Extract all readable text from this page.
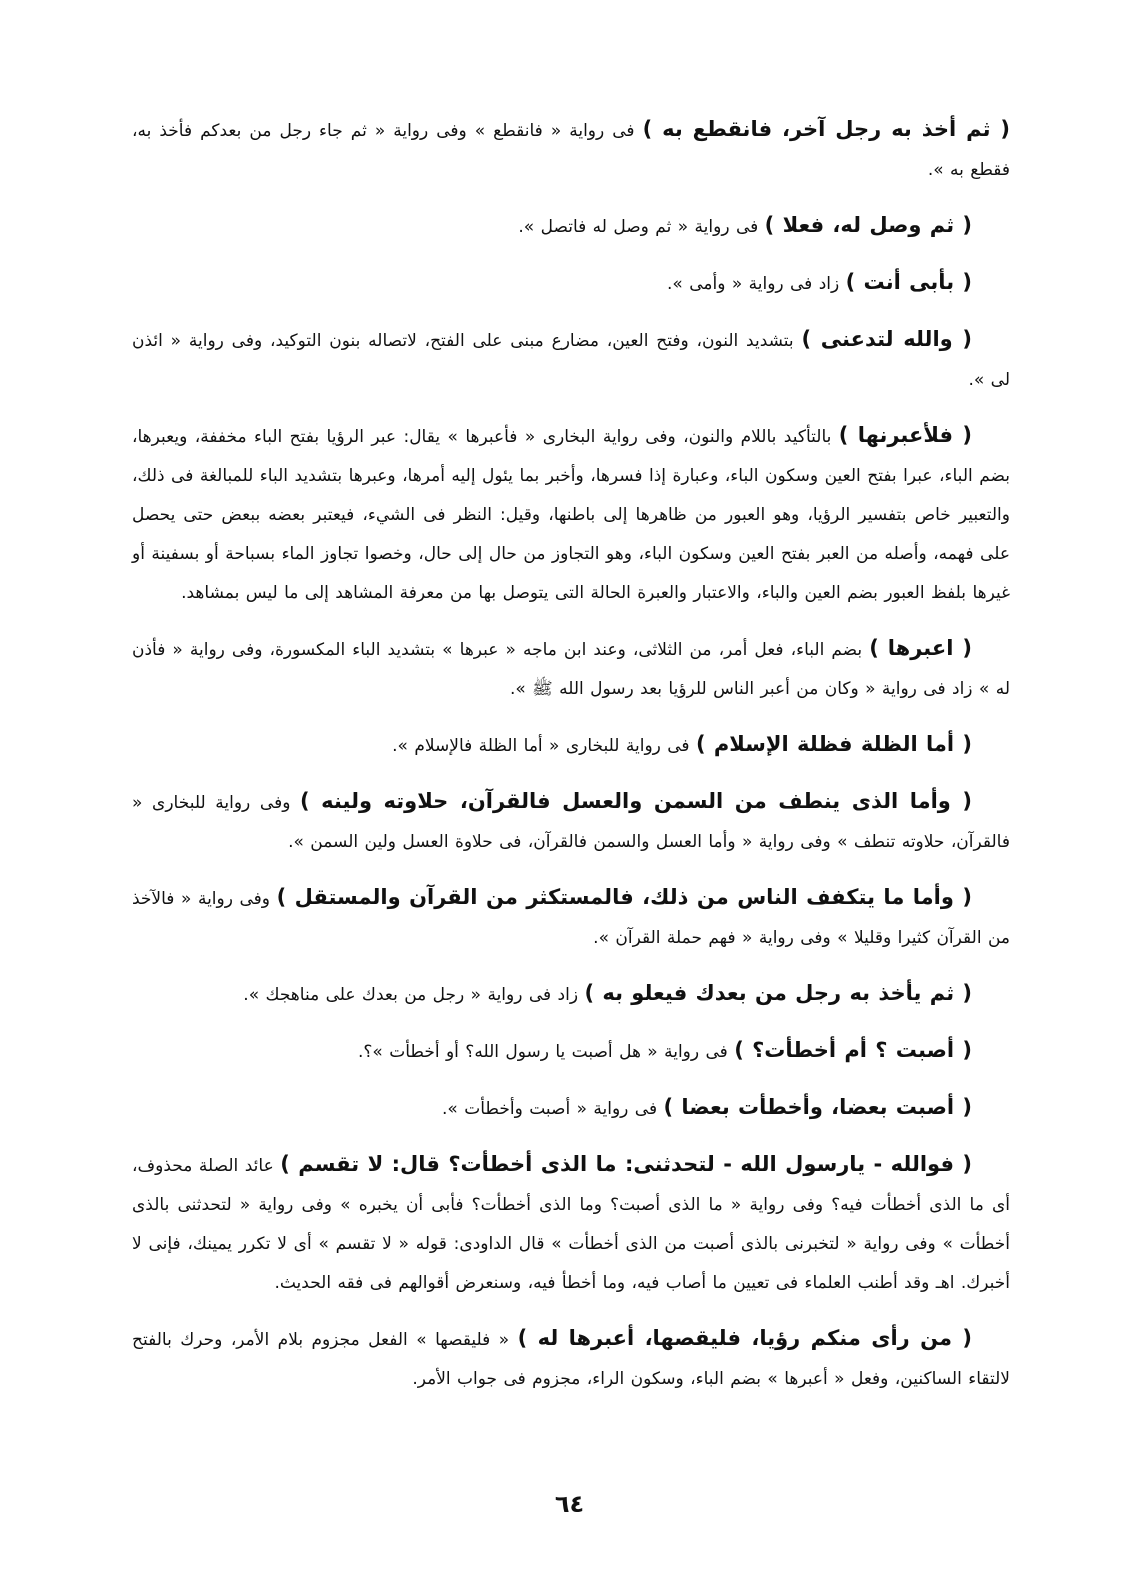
( ثم أخذ به رجل آخر، فانقطع به ) فى رواية « فانقطع » وفى رواية « ثم جاء رجل من بعدكم فأخذ به، فقطع به ».

( ثم وصل له، فعلا ) فى رواية « ثم وصل له فاتصل ».

( بأبى أنت ) زاد فى رواية « وأمى ».

( والله لتدعنى ) بتشديد النون، وفتح العين، مضارع مبنى على الفتح، لاتصاله بنون التوكيد، وفى رواية « ائذن لى ».

( فلأعبرنها ) بالتأكيد باللام والنون، وفى رواية البخارى « فأعبرها » يقال: عبر الرؤيا بفتح الباء مخففة، ويعبرها، بضم الباء، عبرا بفتح العين وسكون الباء، وعبارة إذا فسرها، وأخبر بما يئول إليه أمرها، وعبرها بتشديد الباء للمبالغة فى ذلك، والتعبير خاص بتفسير الرؤيا، وهو العبور من ظاهرها إلى باطنها، وقيل: النظر فى الشيء، فيعتبر بعضه ببعض حتى يحصل على فهمه، وأصله من العبر بفتح العين وسكون الباء، وهو التجاوز من حال إلى حال، وخصوا تجاوز الماء بسباحة أو بسفينة أو غيرها بلفظ العبور بضم العين والباء، والاعتبار والعبرة الحالة التى يتوصل بها من معرفة المشاهد إلى ما ليس بمشاهد.

( اعبرها ) بضم الباء، فعل أمر، من الثلاثى، وعند ابن ماجه « عبرها » بتشديد الباء المكسورة، وفى رواية « فأذن له » زاد فى رواية « وكان من أعبر الناس للرؤيا بعد رسول الله ﷺ ».

( أما الظلة فظلة الإسلام ) فى رواية للبخارى « أما الظلة فالإسلام ».

( وأما الذى ينطف من السمن والعسل فالقرآن، حلاوته ولينه ) وفى رواية للبخارى « فالقرآن، حلاوته تنطف » وفى رواية « وأما العسل والسمن فالقرآن، فى حلاوة العسل ولين السمن ».

( وأما ما يتكفف الناس من ذلك، فالمستكثر من القرآن والمستقل ) وفى رواية « فالآخذ من القرآن كثيرا وقليلا » وفى رواية « فهم حملة القرآن ».

( ثم يأخذ به رجل من بعدك فيعلو به ) زاد فى رواية « رجل من بعدك على مناهجك ».

( أصبت ؟ أم أخطأت؟ ) فى رواية « هل أصبت يا رسول الله؟ أو أخطأت »؟.

( أصبت بعضا، وأخطأت بعضا ) فى رواية « أصبت وأخطأت ».

( فوالله - يارسول الله - لتحدثنى: ما الذى أخطأت؟ قال: لا تقسم ) عائد الصلة محذوف، أى ما الذى أخطأت فيه؟ وفى رواية « ما الذى أصبت؟ وما الذى أخطأت؟ فأبى أن يخبره » وفى رواية « لتحدثنى بالذى أخطأت » وفى رواية « لتخبرنى بالذى أصبت من الذى أخطأت » قال الداودى: قوله « لا تقسم » أى لا تكرر يمينك، فإنى لا أخبرك. اهـ وقد أطنب العلماء فى تعيين ما أصاب فيه، وما أخطأ فيه، وسنعرض أقوالهم فى فقه الحديث.

( من رأى منكم رؤيا، فليقصها، أعبرها له ) « فليقصها » الفعل مجزوم بلام الأمر، وحرك بالفتح لالتقاء الساكنين، وفعل « أعبرها » بضم الباء، وسكون الراء، مجزوم فى جواب الأمر.

٦٤
